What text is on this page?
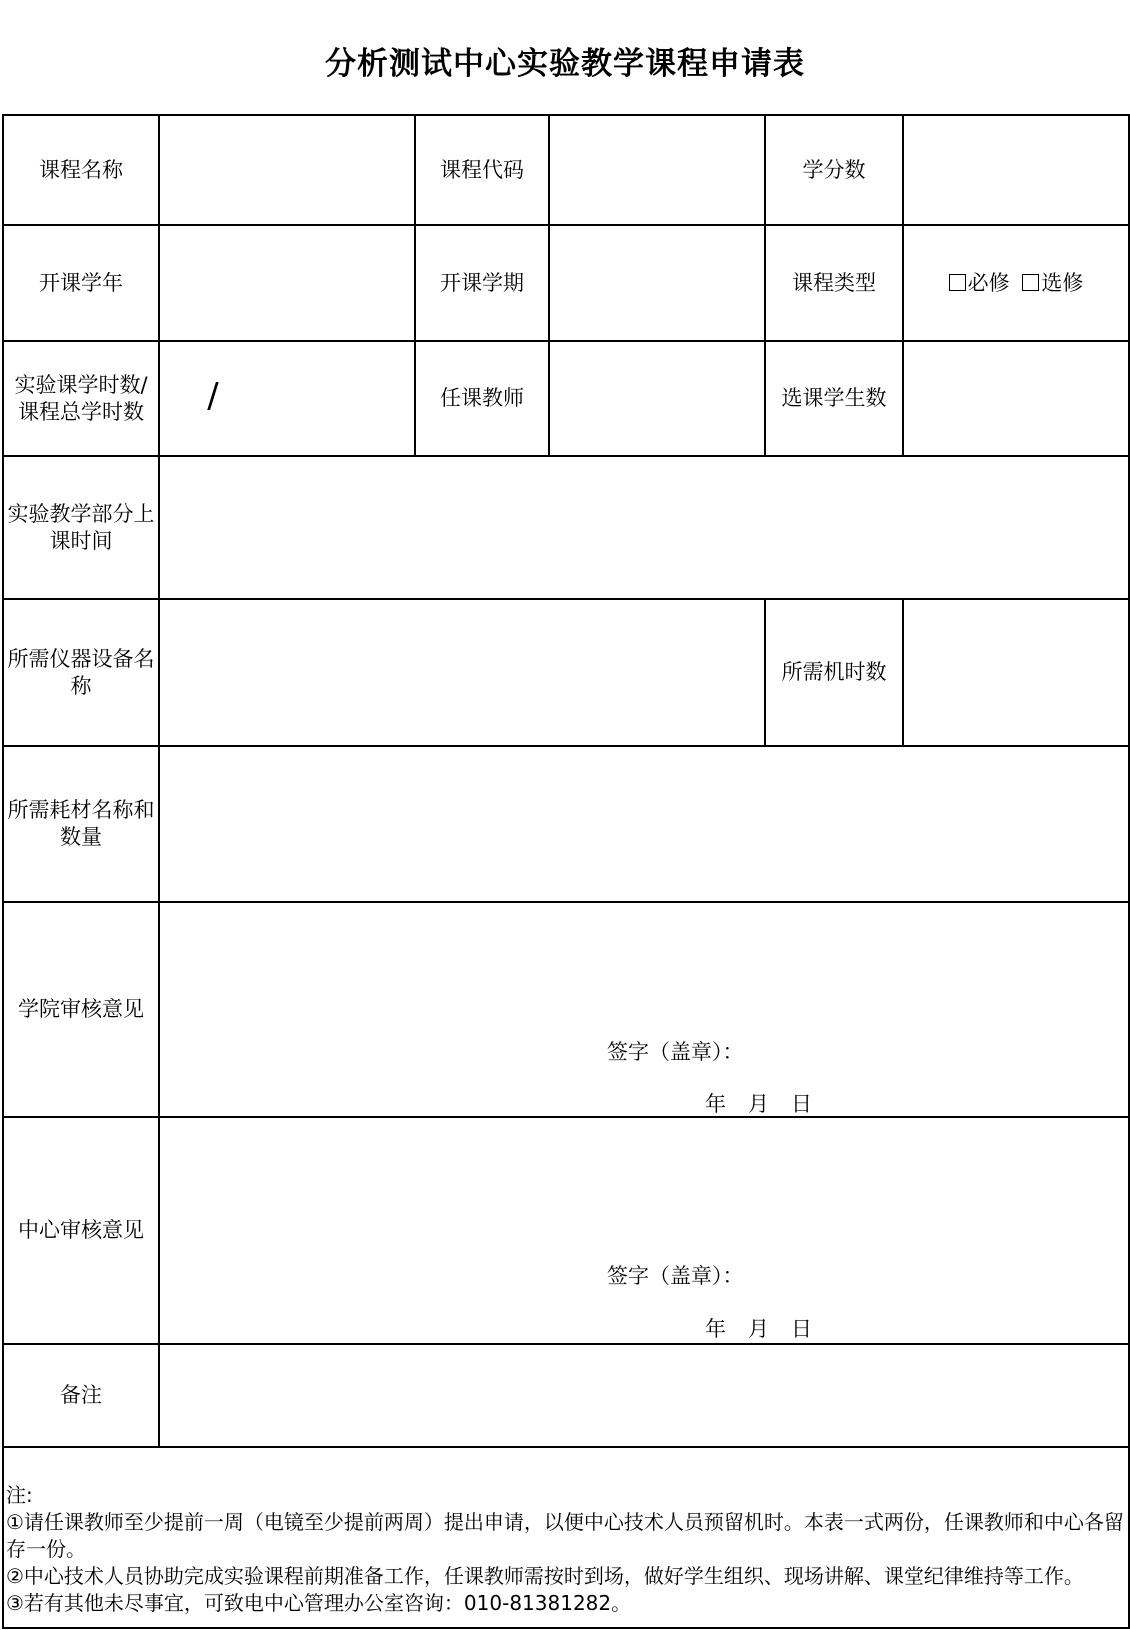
分析测试中心实验教学课程申请表
课程名称		课程代码		学分数	
开课学年		开课学期		课程类型	必修 选修
实验课学时数/课程总学时数	/	任课教师		选课学生数	
实验教学部分上课时间					
所需仪器设备名称				所需机时数	
所需耗材名称和数量					
学院审核意见	签字（盖章）：
年 月 日				

中心审核意见	签字（盖章）：
年 月 日				

备注					

注:
①请任课教师至少提前一周（电镜至少提前两周）提出申请，以便中心技术人员预留机时。本表一式两份，任课教师和中心各留存一份。
②中心技术人员协助完成实验课程前期准备工作，任课教师需按时到场，做好学生组织、现场讲解、课堂纪律维持等工作。
③若有其他未尽事宜，可致电中心管理办公室咨询：010-81381282。					
